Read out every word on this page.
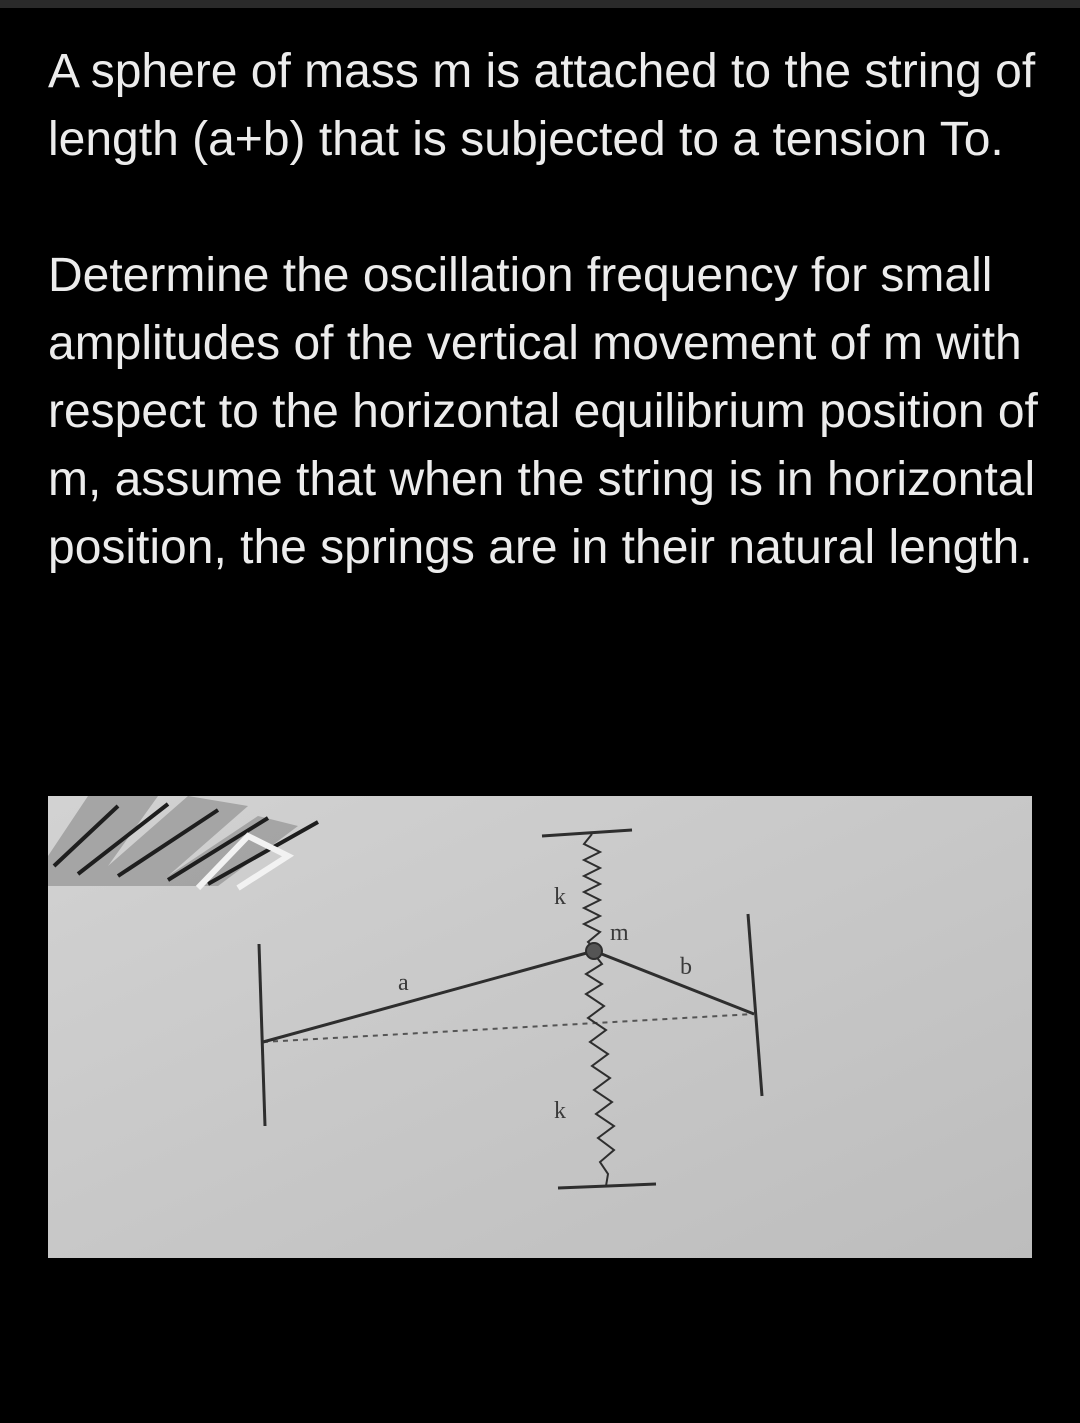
A sphere of mass m is attached to the string of length (a+b) that is subjected to a tension To.

Determine the oscillation frequency for small amplitudes of the vertical movement of m with respect to the horizontal equilibrium position of m, assume that when the string is in horizontal position, the springs are in their natural length.

a
b
m
k
k
